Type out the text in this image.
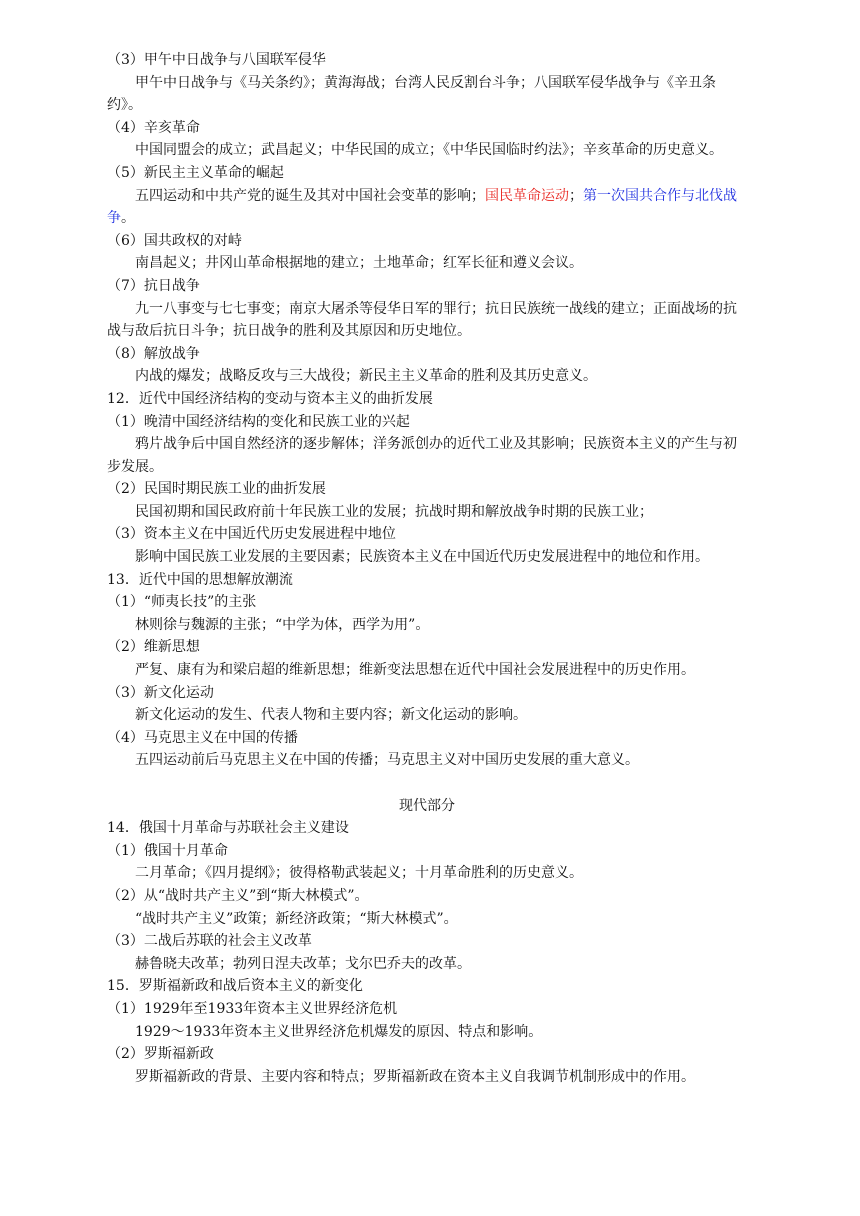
（3）甲午中日战争与八国联军侵华
甲午中日战争与《马关条约》；黄海海战；台湾人民反割台斗争；八国联军侵华战争与《辛丑条约》。
（4）辛亥革命
中国同盟会的成立；武昌起义；中华民国的成立；《中华民国临时约法》；辛亥革命的历史意义。
（5）新民主主义革命的崛起
五四运动和中共产党的诞生及其对中国社会变革的影响；国民革命运动；第一次国共合作与北伐战争。
（6）国共政权的对峙
南昌起义；井冈山革命根据地的建立；土地革命；红军长征和遵义会议。
（7）抗日战争
九一八事变与七七事变；南京大屠杀等侵华日军的罪行；抗日民族统一战线的建立；正面战场的抗战与敌后抗日斗争；抗日战争的胜利及其原因和历史地位。
（8）解放战争
内战的爆发；战略反攻与三大战役；新民主主义革命的胜利及其历史意义。
12．近代中国经济结构的变动与资本主义的曲折发展
（1）晚清中国经济结构的变化和民族工业的兴起
鸦片战争后中国自然经济的逐步解体；洋务派创办的近代工业及其影响；民族资本主义的产生与初步发展。
（2）民国时期民族工业的曲折发展
民国初期和国民政府前十年民族工业的发展；抗战时期和解放战争时期的民族工业；
（3）资本主义在中国近代历史发展进程中地位
影响中国民族工业发展的主要因素；民族资本主义在中国近代历史发展进程中的地位和作用。
13．近代中国的思想解放潮流
（1）“师夷长技”的主张
林则徐与魏源的主张；“中学为体，西学为用”。
（2）维新思想
严复、康有为和梁启超的维新思想；维新变法思想在近代中国社会发展进程中的历史作用。
（3）新文化运动
新文化运动的发生、代表人物和主要内容；新文化运动的影响。
（4）马克思主义在中国的传播
五四运动前后马克思主义在中国的传播；马克思主义对中国历史发展的重大意义。
现代部分
14．俄国十月革命与苏联社会主义建设
（1）俄国十月革命
二月革命；《四月提纲》；彼得格勒武装起义；十月革命胜利的历史意义。
（2）从“战时共产主义”到“斯大林模式”。
“战时共产主义”政策；新经济政策；“斯大林模式”。
（3）二战后苏联的社会主义改革
赫鲁晓夫改革；勃列日涅夫改革；戈尔巴乔夫的改革。
15．罗斯福新政和战后资本主义的新变化
（1）1929年至1933年资本主义世界经济危机
1929～1933年资本主义世界经济危机爆发的原因、特点和影响。
（2）罗斯福新政
罗斯福新政的背景、主要内容和特点；罗斯福新政在资本主义自我调节机制形成中的作用。
